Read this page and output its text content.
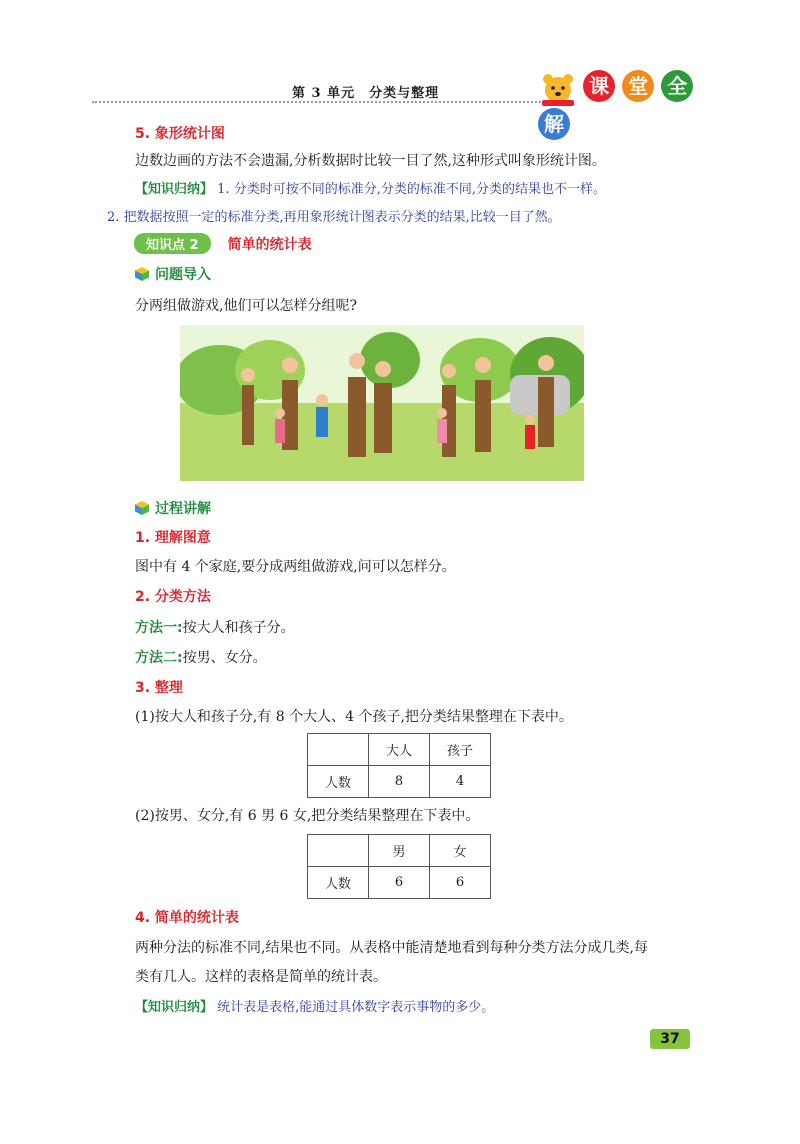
第 3 单元　分类与整理	课 堂 全 解
5. 象形统计图
边数边画的方法不会遗漏,分析数据时比较一目了然,这种形式叫象形统计图。
【知识归纳】 1. 分类时可按不同的标准分,分类的标准不同,分类的结果也不一样。
2. 把数据按照一定的标准分类,再用象形统计图表示分类的结果,比较一目了然。
知识点 2 简单的统计表
问题导入
分两组做游戏,他们可以怎样分组呢?
过程讲解
1. 理解图意
图中有 4 个家庭,要分成两组做游戏,问可以怎样分。
2. 分类方法
方法一:按大人和孩子分。
方法二:按男、女分。
3. 整理
(1)按大人和孩子分,有 8 个大人、4 个孩子,把分类结果整理在下表中。
	大人	孩子
人数	8	4
(2)按男、女分,有 6 男 6 女,把分类结果整理在下表中。
	男	女
人数	6	6
4. 简单的统计表
两种分法的标准不同,结果也不同。从表格中能清楚地看到每种分类方法分成几类,每
类有几人。这样的表格是简单的统计表。
【知识归纳】 统计表是表格,能通过具体数字表示事物的多少。
37
